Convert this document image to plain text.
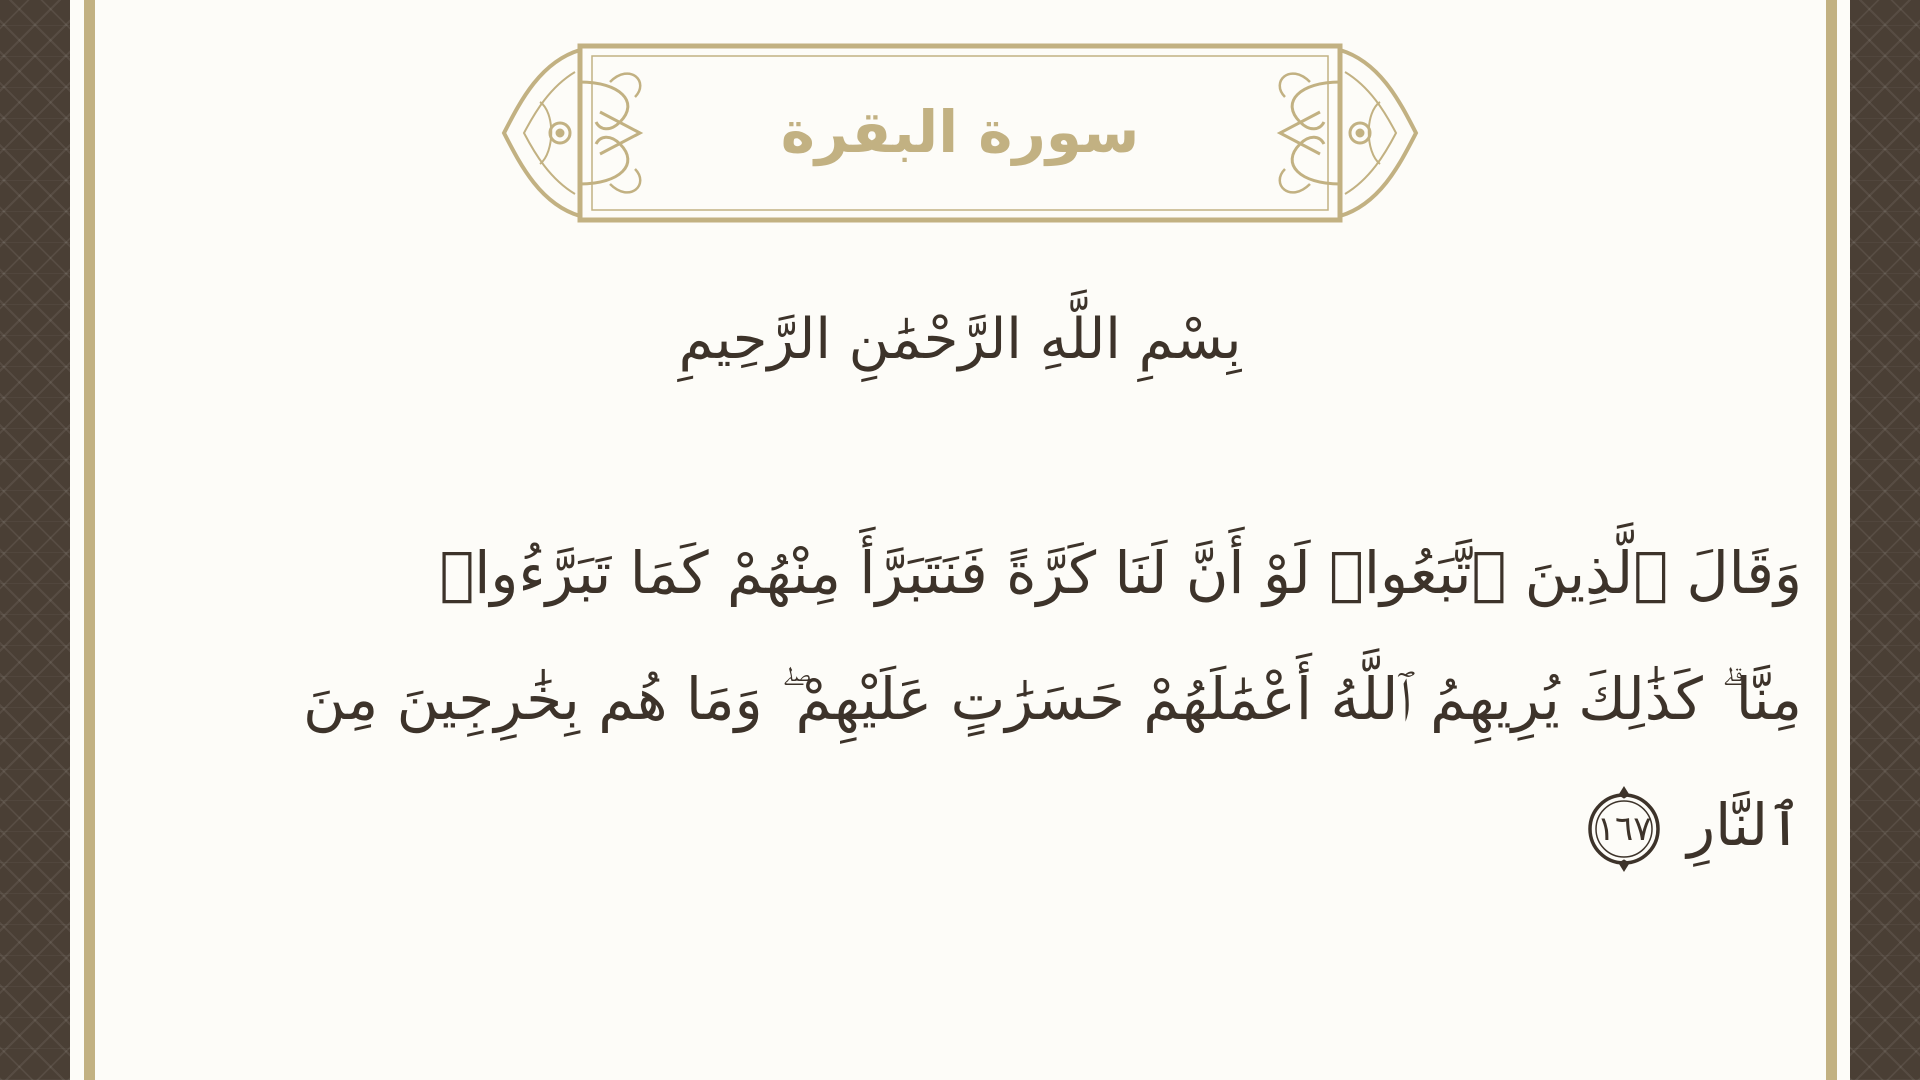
سورة البقرة
بِسْمِ اللَّهِ الرَّحْمَٰنِ الرَّحِيمِ

وَقَالَ ٱلَّذِينَ ٱتَّبَعُوا۟ لَوْ أَنَّ لَنَا كَرَّةً فَنَتَبَرَّأَ مِنْهُمْ كَمَا تَبَرَّءُوا۟
مِنَّا ۗ كَذَٰلِكَ يُرِيهِمُ ٱللَّهُ أَعْمَٰلَهُمْ حَسَرَٰتٍ عَلَيْهِمْ ۖ وَمَا هُم بِخَٰرِجِينَ مِنَ
ٱلنَّارِ
١٦٧
